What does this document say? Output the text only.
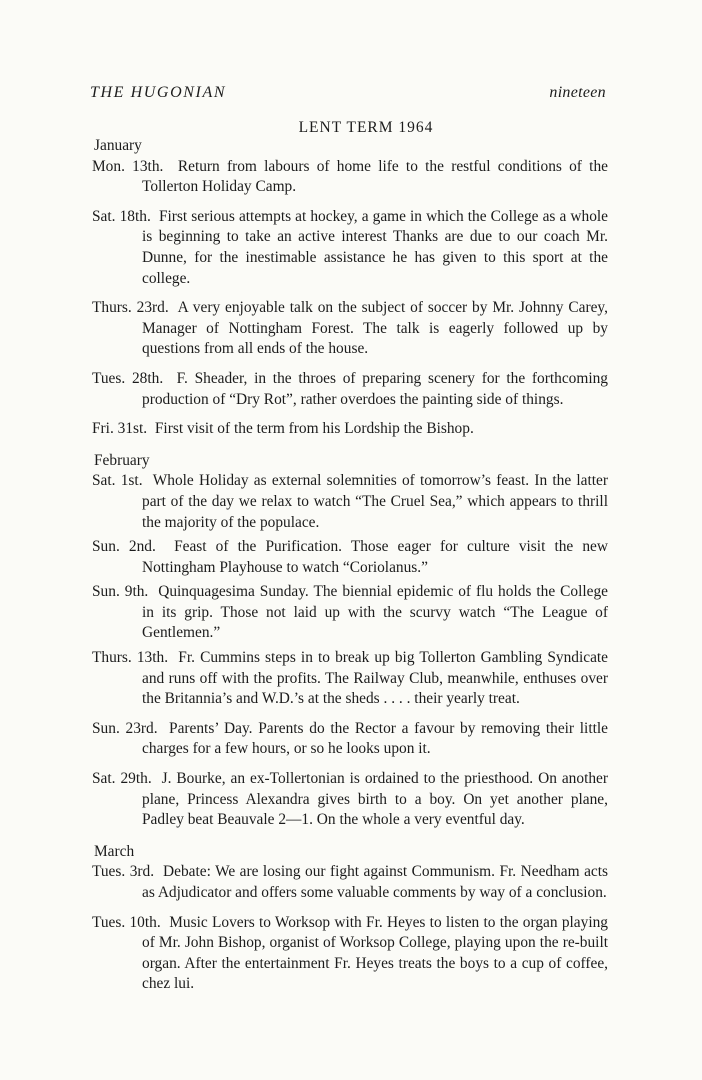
THE HUGONIAN	nineteen
LENT TERM 1964

January

Mon. 13th. Return from labours of home life to the restful conditions of the Tollerton Holiday Camp.

Sat. 18th. First serious attempts at hockey, a game in which the College as a whole is beginning to take an active interest Thanks are due to our coach Mr. Dunne, for the inestimable assistance he has given to this sport at the college.

Thurs. 23rd. A very enjoyable talk on the subject of soccer by Mr. Johnny Carey, Manager of Nottingham Forest. The talk is eagerly followed up by questions from all ends of the house.

Tues. 28th. F. Sheader, in the throes of preparing scenery for the forthcoming production of “Dry Rot”, rather overdoes the painting side of things.

Fri. 31st. First visit of the term from his Lordship the Bishop.

February

Sat. 1st. Whole Holiday as external solemnities of tomorrow’s feast. In the latter part of the day we relax to watch “The Cruel Sea,” which appears to thrill the majority of the populace.

Sun. 2nd. Feast of the Purification. Those eager for culture visit the new Nottingham Playhouse to watch “Coriolanus.”

Sun. 9th. Quinquagesima Sunday. The biennial epidemic of flu holds the College in its grip. Those not laid up with the scurvy watch “The League of Gentlemen.”

Thurs. 13th. Fr. Cummins steps in to break up big Tollerton Gambling Syndicate and runs off with the profits. The Railway Club, meanwhile, enthuses over the Britannia’s and W.D.’s at the sheds . . . . their yearly treat.

Sun. 23rd. Parents’ Day. Parents do the Rector a favour by removing their little charges for a few hours, or so he looks upon it.

Sat. 29th. J. Bourke, an ex-Tollertonian is ordained to the priesthood. On another plane, Princess Alexandra gives birth to a boy. On yet another plane, Padley beat Beauvale 2—1. On the whole a very eventful day.

March

Tues. 3rd. Debate: We are losing our fight against Communism. Fr. Needham acts as Adjudicator and offers some valuable comments by way of a conclusion.

Tues. 10th. Music Lovers to Worksop with Fr. Heyes to listen to the organ playing of Mr. John Bishop, organist of Worksop College, playing upon the re-built organ. After the entertainment Fr. Heyes treats the boys to a cup of coffee, chez lui.
